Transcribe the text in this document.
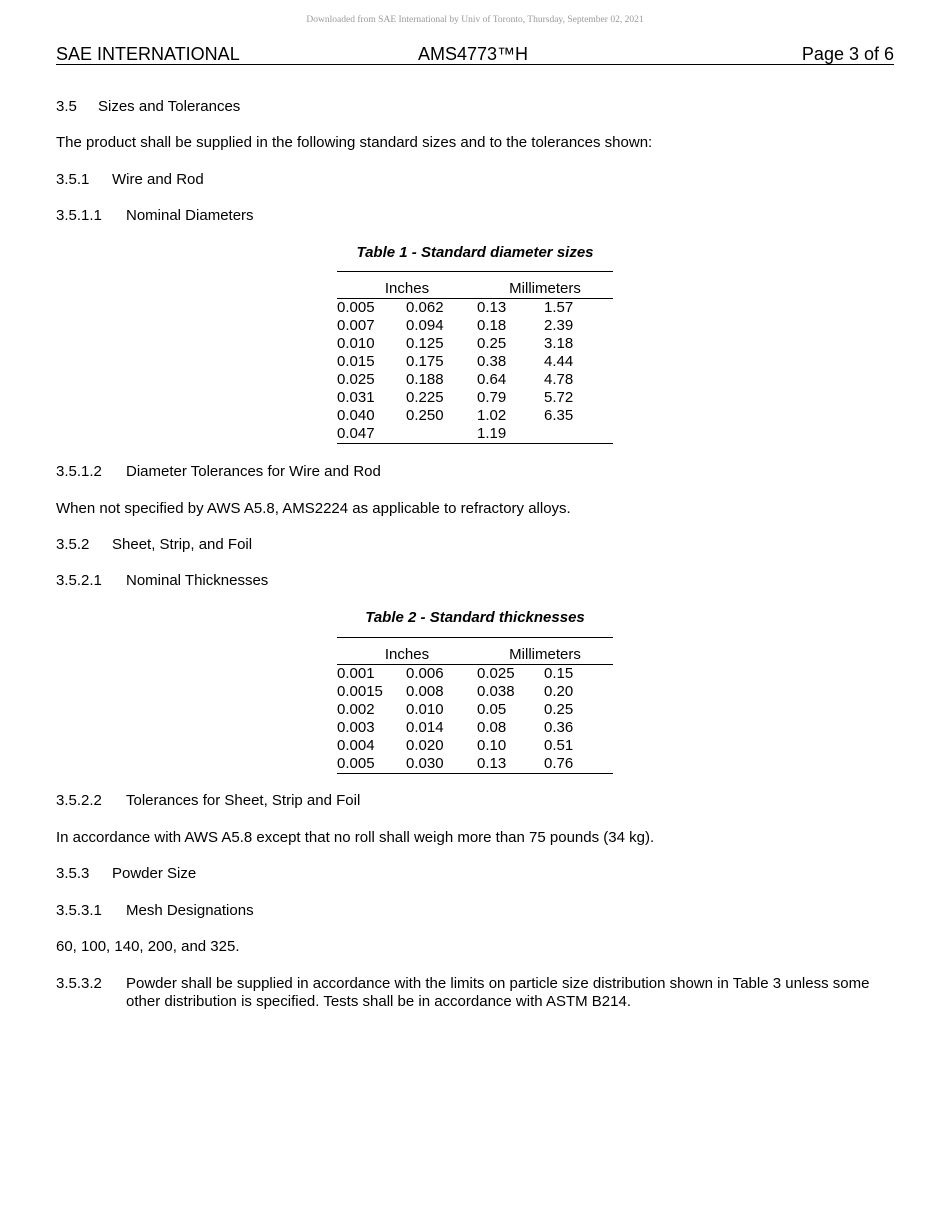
Downloaded from SAE International by Univ of Toronto, Thursday, September 02, 2021
SAE INTERNATIONAL	AMS4773™H	Page 3 of 6
3.5 Sizes and Tolerances
The product shall be supplied in the following standard sizes and to the tolerances shown:
3.5.1 Wire and Rod
3.5.1.1 Nominal Diameters
Table 1 - Standard diameter sizes

Inches		Millimeters	
0.005	0.062	0.13	1.57
0.007	0.094	0.18	2.39
0.010	0.125	0.25	3.18
0.015	0.175	0.38	4.44
0.025	0.188	0.64	4.78
0.031	0.225	0.79	5.72
0.040	0.250	1.02	6.35
0.047		1.19	
3.5.1.2 Diameter Tolerances for Wire and Rod
When not specified by AWS A5.8, AMS2224 as applicable to refractory alloys.
3.5.2 Sheet, Strip, and Foil
3.5.2.1 Nominal Thicknesses
Table 2 - Standard thicknesses

Inches		Millimeters	
0.001	0.006	0.025	0.15
0.0015	0.008	0.038	0.20
0.002	0.010	0.05	0.25
0.003	0.014	0.08	0.36
0.004	0.020	0.10	0.51
0.005	0.030	0.13	0.76
3.5.2.2 Tolerances for Sheet, Strip and Foil
In accordance with AWS A5.8 except that no roll shall weigh more than 75 pounds (34 kg).
3.5.3 Powder Size
3.5.3.1 Mesh Designations
60, 100, 140, 200, and 325.
3.5.3.2 Powder shall be supplied in accordance with the limits on particle size distribution shown in Table 3 unless some other distribution is specified. Tests shall be in accordance with ASTM B214.
